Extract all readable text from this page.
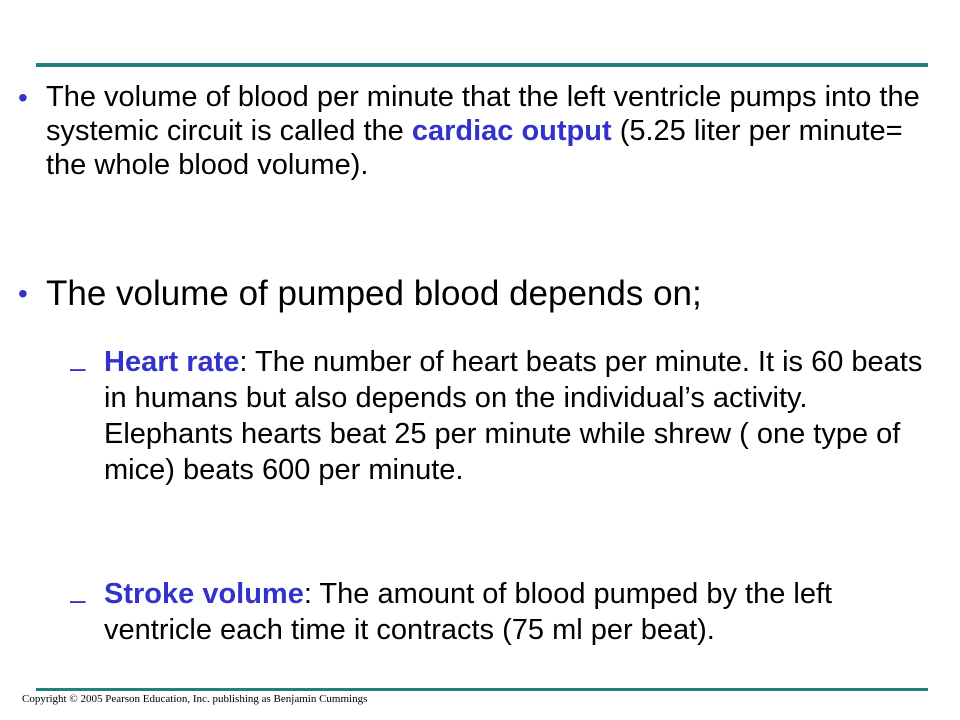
• The volume of blood per minute that the left ventricle pumps into the systemic circuit is called the cardiac output (5.25 liter per minute= the whole blood volume).
• The volume of pumped blood depends on;
– Heart rate: The number of heart beats per minute. It is 60 beats in humans but also depends on the individual’s activity. Elephants hearts beat 25 per minute while shrew ( one type of mice) beats 600 per minute.
– Stroke volume: The amount of blood pumped by the left ventricle each time it contracts (75 ml per beat).
Copyright © 2005 Pearson Education, Inc. publishing as Benjamin Cummings
